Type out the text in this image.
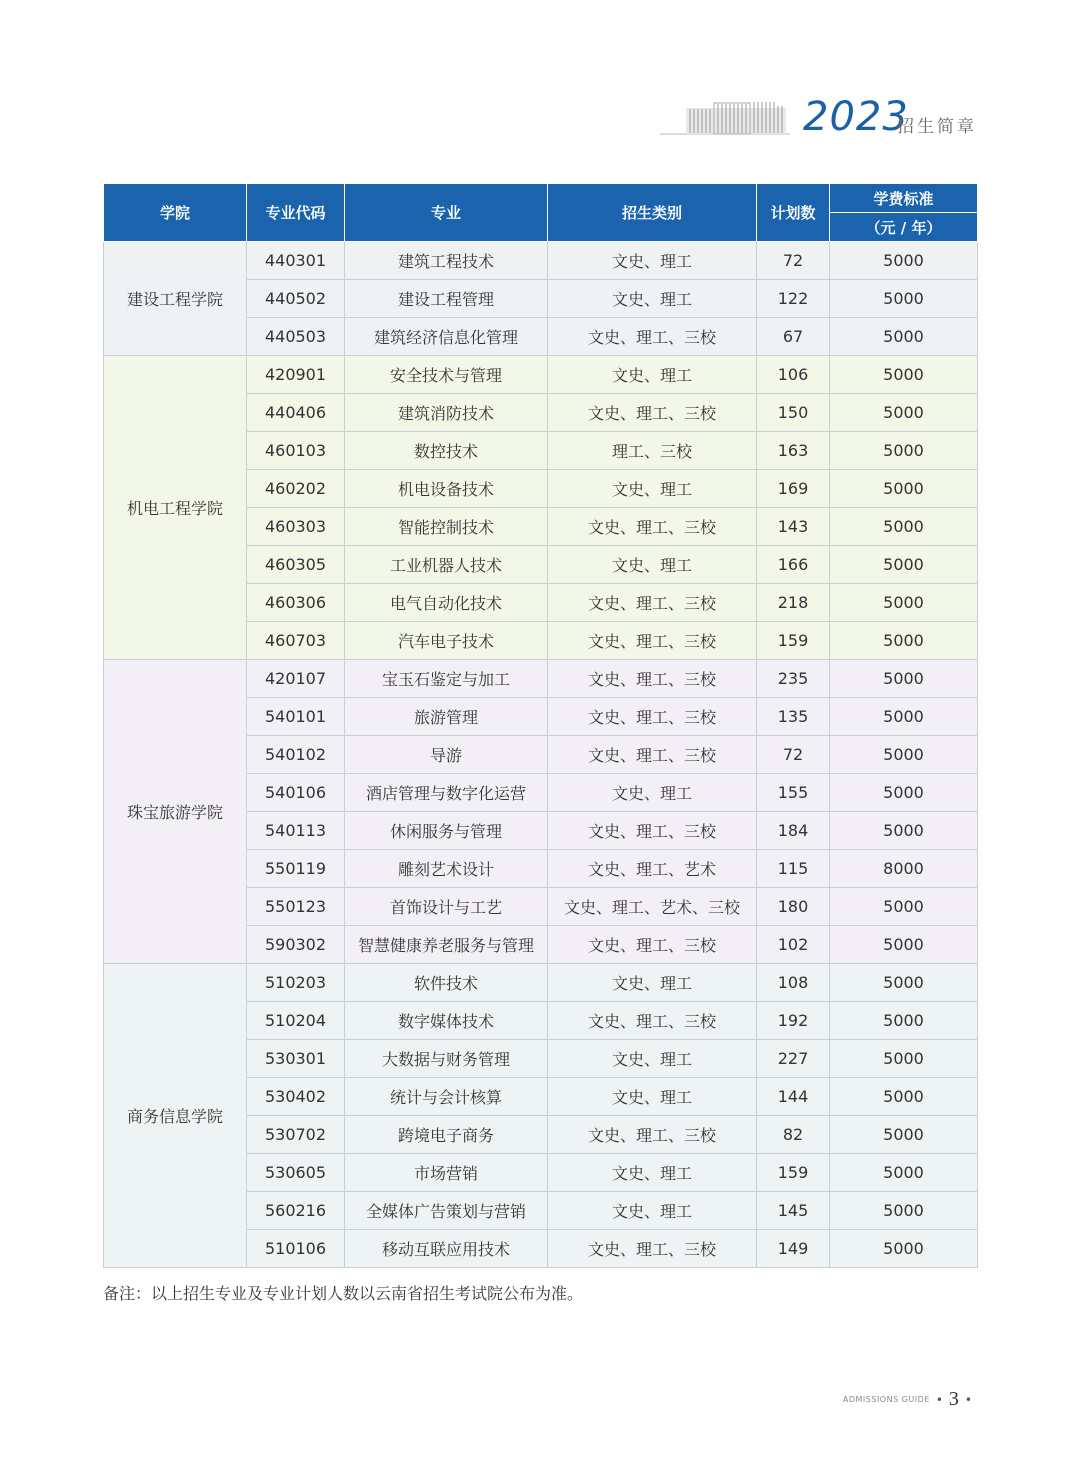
2023
招生简章
学院	专业代码	专业	招生类别	计划数	学费标准
					（元 / 年）
建设工程学院	440301	建筑工程技术	文史、理工	72	5000
	440502	建设工程管理	文史、理工	122	5000
	440503	建筑经济信息化管理	文史、理工、三校	67	5000
机电工程学院	420901	安全技术与管理	文史、理工	106	5000
	440406	建筑消防技术	文史、理工、三校	150	5000
	460103	数控技术	理工、三校	163	5000
	460202	机电设备技术	文史、理工	169	5000
	460303	智能控制技术	文史、理工、三校	143	5000
	460305	工业机器人技术	文史、理工	166	5000
	460306	电气自动化技术	文史、理工、三校	218	5000
	460703	汽车电子技术	文史、理工、三校	159	5000
珠宝旅游学院	420107	宝玉石鉴定与加工	文史、理工、三校	235	5000
	540101	旅游管理	文史、理工、三校	135	5000
	540102	导游	文史、理工、三校	72	5000
	540106	酒店管理与数字化运营	文史、理工	155	5000
	540113	休闲服务与管理	文史、理工、三校	184	5000
	550119	雕刻艺术设计	文史、理工、艺术	115	8000
	550123	首饰设计与工艺	文史、理工、艺术、三校	180	5000
	590302	智慧健康养老服务与管理	文史、理工、三校	102	5000
商务信息学院	510203	软件技术	文史、理工	108	5000
	510204	数字媒体技术	文史、理工、三校	192	5000
	530301	大数据与财务管理	文史、理工	227	5000
	530402	统计与会计核算	文史、理工	144	5000
	530702	跨境电子商务	文史、理工、三校	82	5000
	530605	市场营销	文史、理工	159	5000
	560216	全媒体广告策划与营销	文史、理工	145	5000
	510106	移动互联应用技术	文史、理工、三校	149	5000
备注：以上招生专业及专业计划人数以云南省招生考试院公布为准。
ADMISSIONS GUIDE • 3 •
